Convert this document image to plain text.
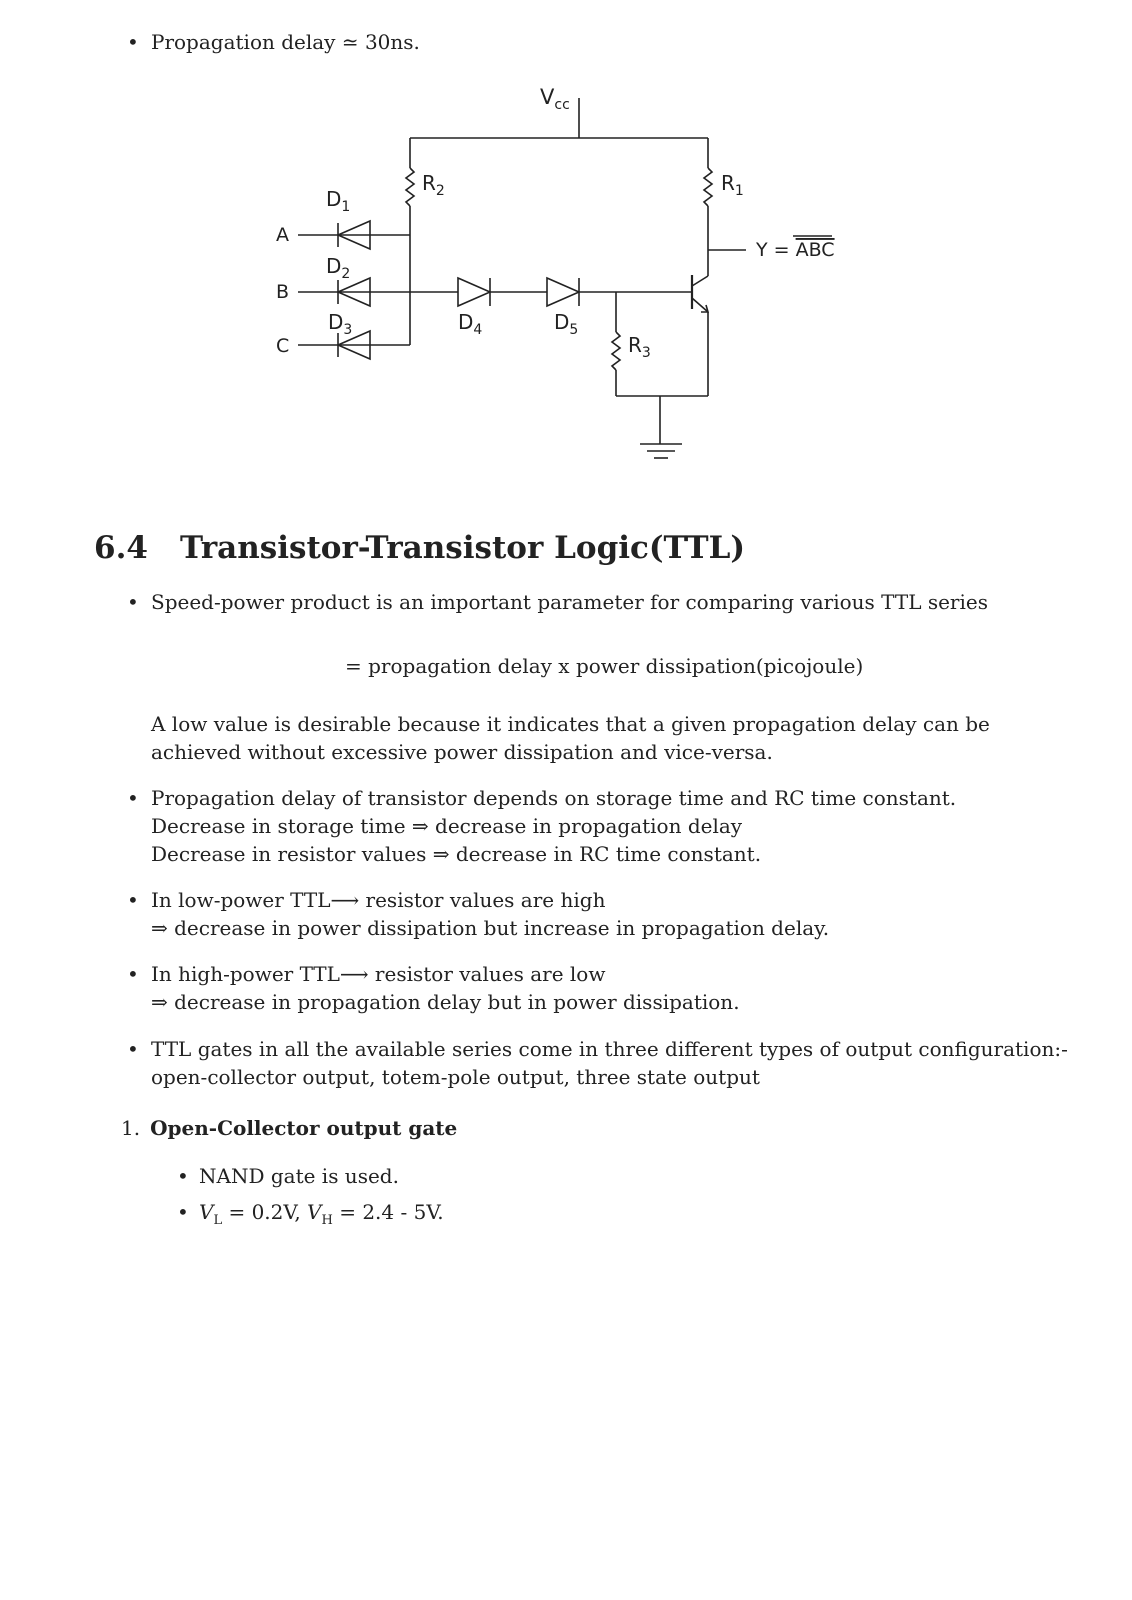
• Propagation delay ≃ 30ns.
$V_{cc}$
$R_2$	$R_1$
$R_3$
$D_1$
$D_2$
$D_3$	$D_4$	$D_5$
A
B
C
Y = ABC
6.4 Transistor-Transistor Logic(TTL)
• Speed-power product is an important parameter for comparing various TTL series
= propagation delay x power dissipation(picojoule)
A low value is desirable because it indicates that a given propagation delay can be achieved without excessive power dissipation and vice-versa.
• Propagation delay of transistor depends on storage time and RC time constant.
Decrease in storage time ⇒ decrease in propagation delay
Decrease in resistor values ⇒ decrease in RC time constant.
• In low-power TTL⟶ resistor values are high
⇒ decrease in power dissipation but increase in propagation delay.
• In high-power TTL⟶ resistor values are low
⇒ decrease in propagation delay but in power dissipation.
• TTL gates in all the available series come in three different types of output configuration:-
open-collector output, totem-pole output, three state output
1. Open-Collector output gate
• NAND gate is used.
• $V_L = 0.2V$, $V_H = 2.4 - 5V$.
